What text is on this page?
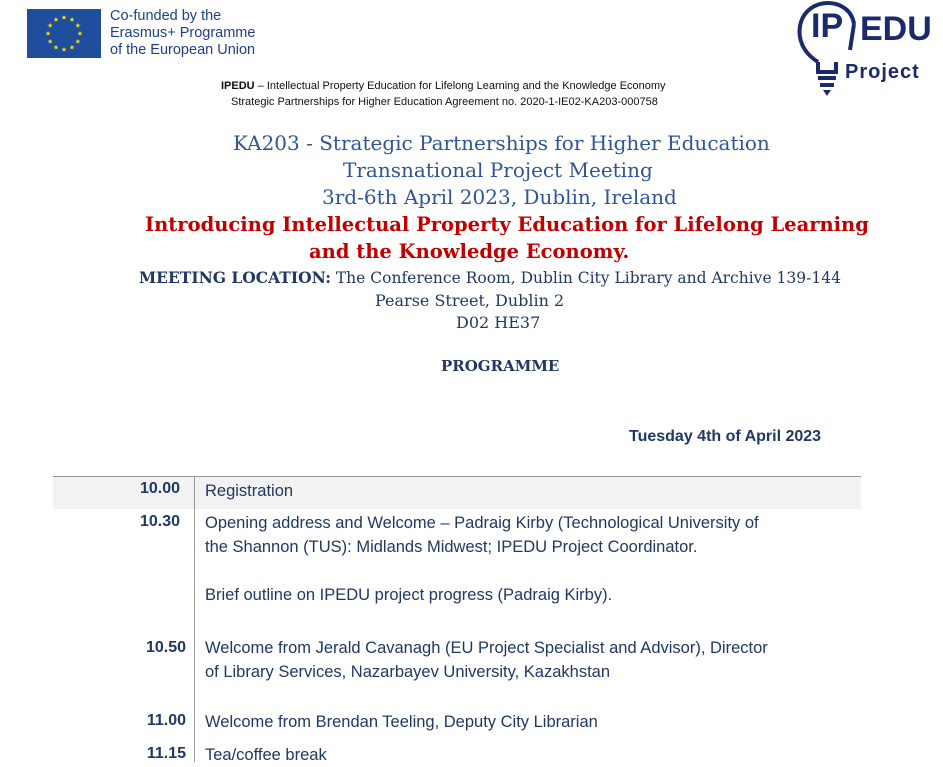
Co-funded by the
Erasmus+ Programme
of the European Union
IP EDU
Project
IPEDU – Intellectual Property Education for Lifelong Learning and the Knowledge Economy
Strategic Partnerships for Higher Education Agreement no. 2020-1-IE02-KA203-000758
KA203 - Strategic Partnerships for Higher Education
Transnational Project Meeting
3rd-6th April 2023, Dublin, Ireland
Introducing Intellectual Property Education for Lifelong Learning
and the Knowledge Economy.
MEETING LOCATION: The Conference Room, Dublin City Library and Archive 139-144
Pearse Street, Dublin 2
D02 HE37
PROGRAMME
Tuesday 4th of April 2023
10.00 Registration
10.30 Opening address and Welcome – Padraig Kirby (Technological University of
the Shannon (TUS): Midlands Midwest; IPEDU Project Coordinator.
Brief outline on IPEDU project progress (Padraig Kirby).
10.50 Welcome from Jerald Cavanagh (EU Project Specialist and Advisor), Director
of Library Services, Nazarbayev University, Kazakhstan
11.00 Welcome from Brendan Teeling, Deputy City Librarian
11.15 Tea/coffee break
